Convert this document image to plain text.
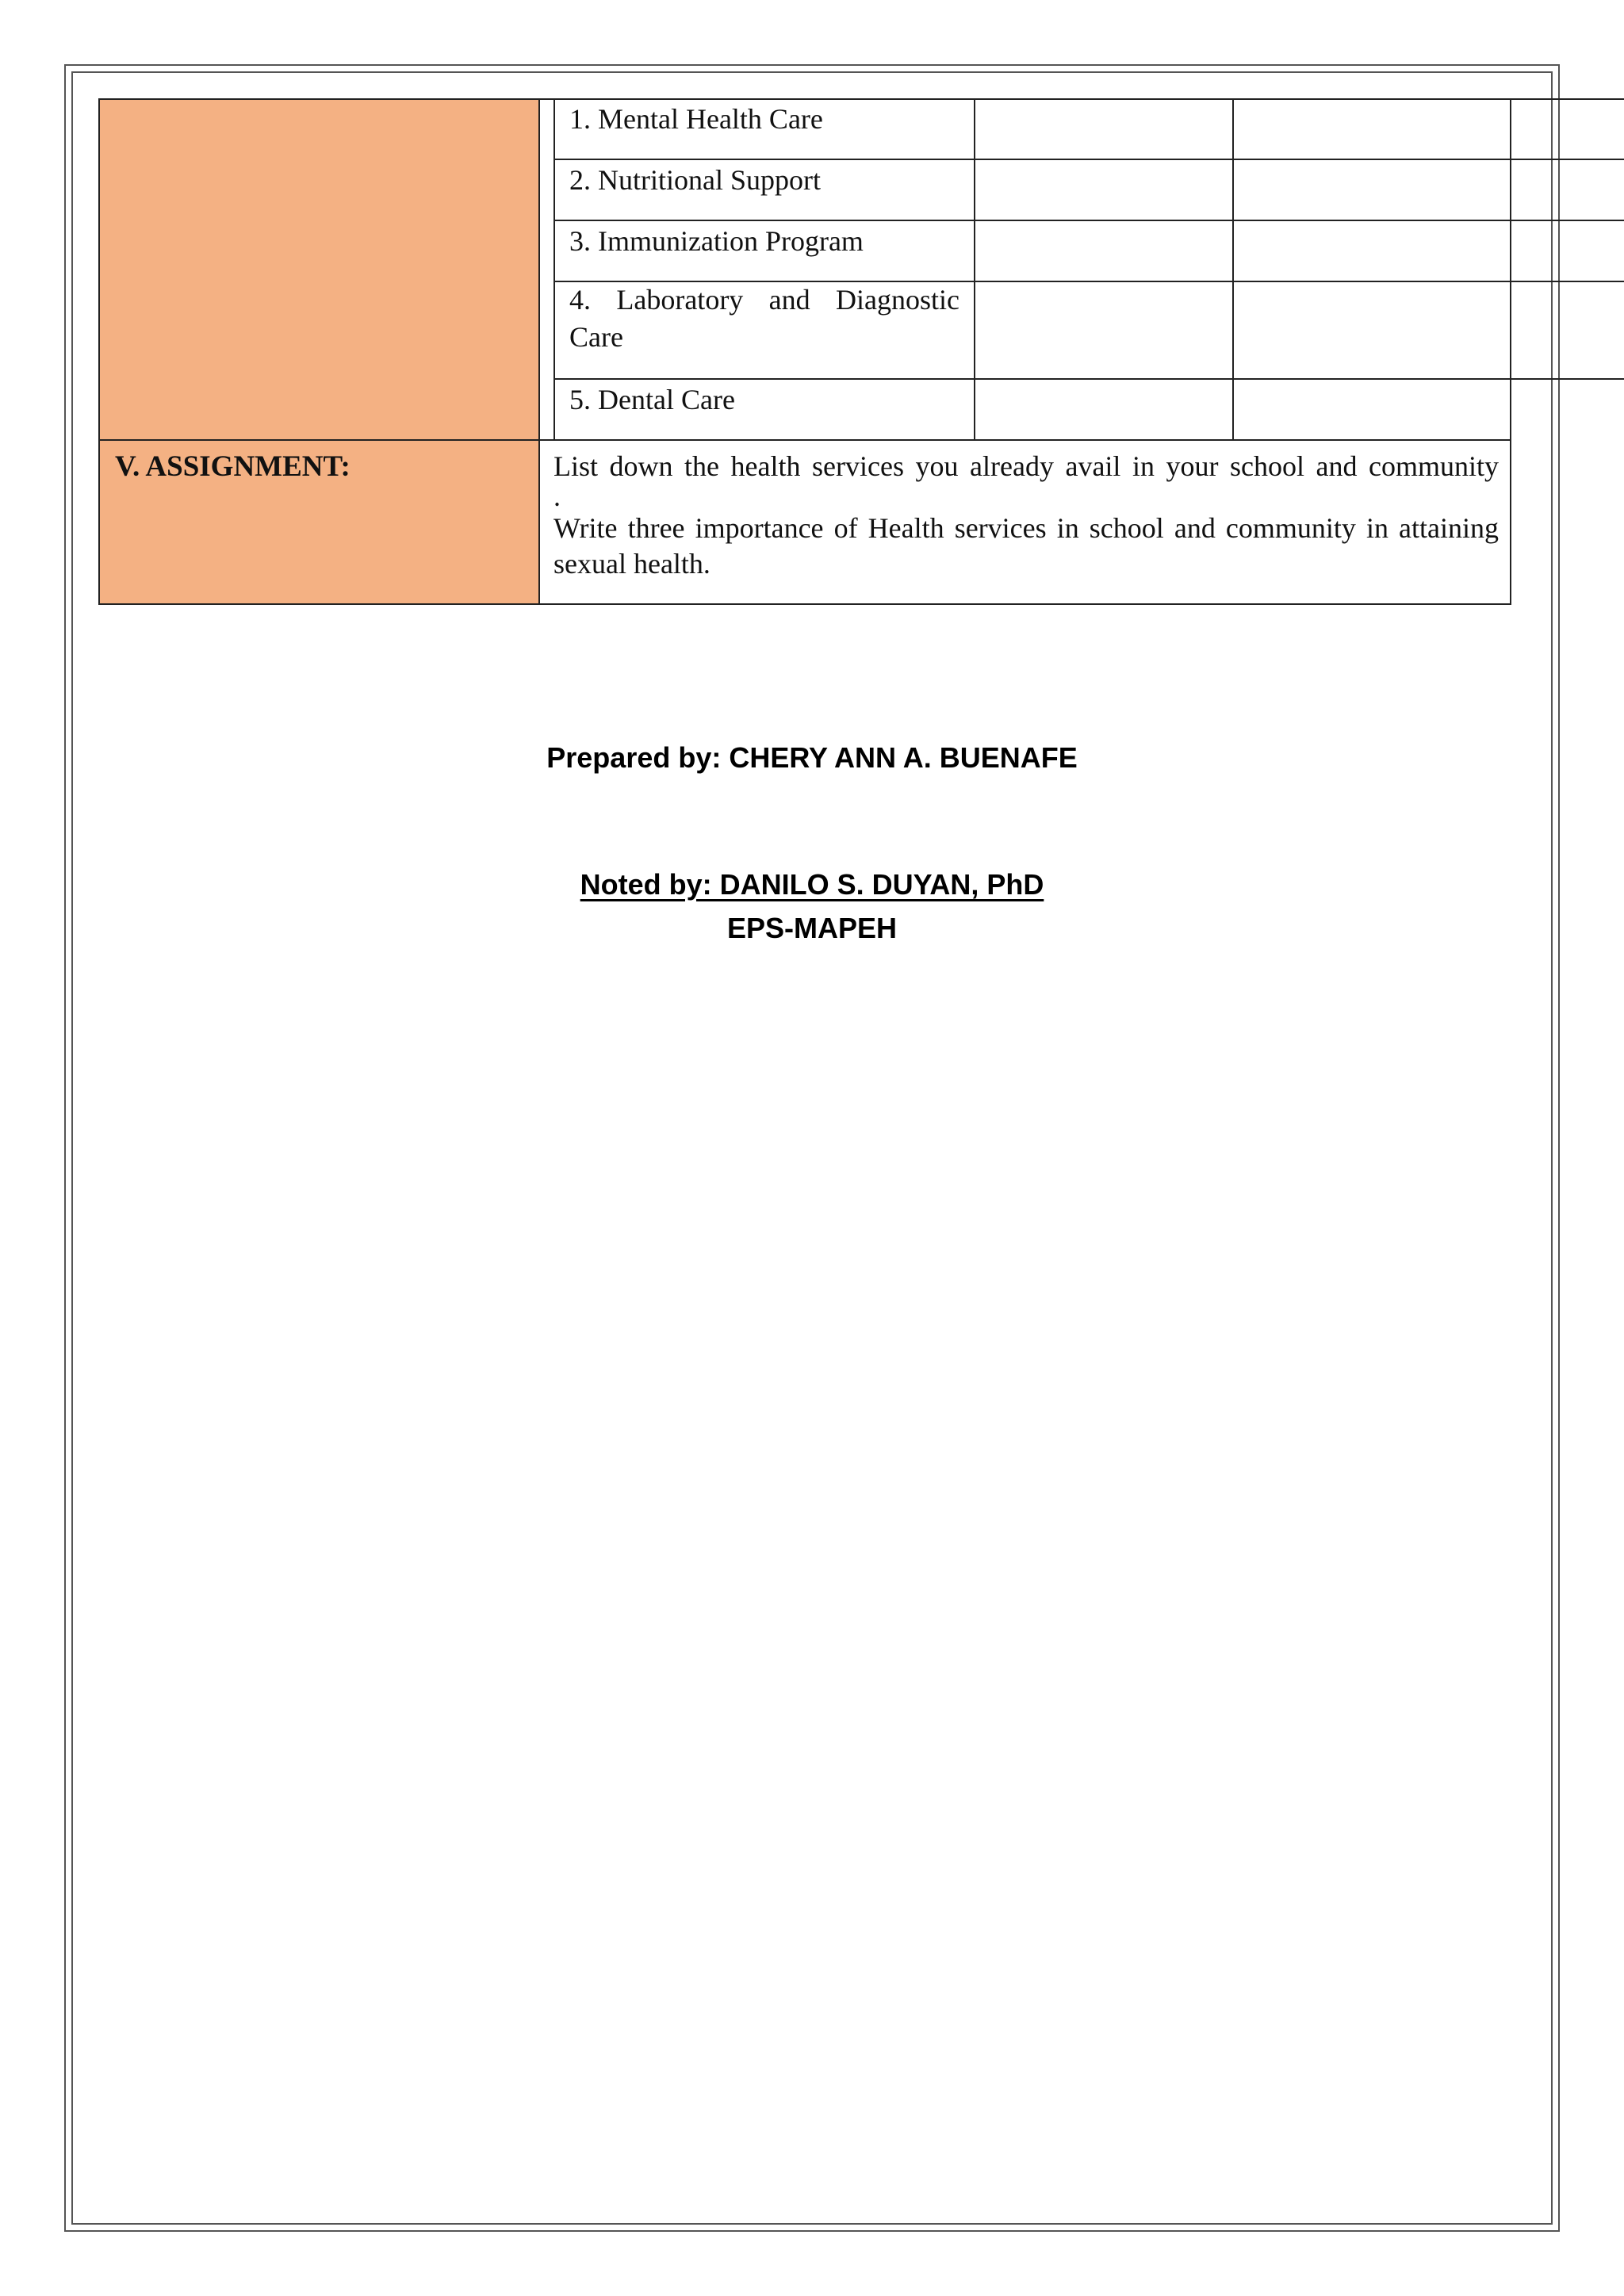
1. Mental Health Care
2. Nutritional Support
3. Immunization Program
4. Laboratory and Diagnostic
Care
5. Dental Care
V. ASSIGNMENT:	List down the health services you already avail in your school and community
.
Write three importance of Health services in school and community in attaining
sexual health.
Prepared by: CHERY ANN A. BUENAFE
Noted by: DANILO S. DUYAN, PhD
EPS-MAPEH
